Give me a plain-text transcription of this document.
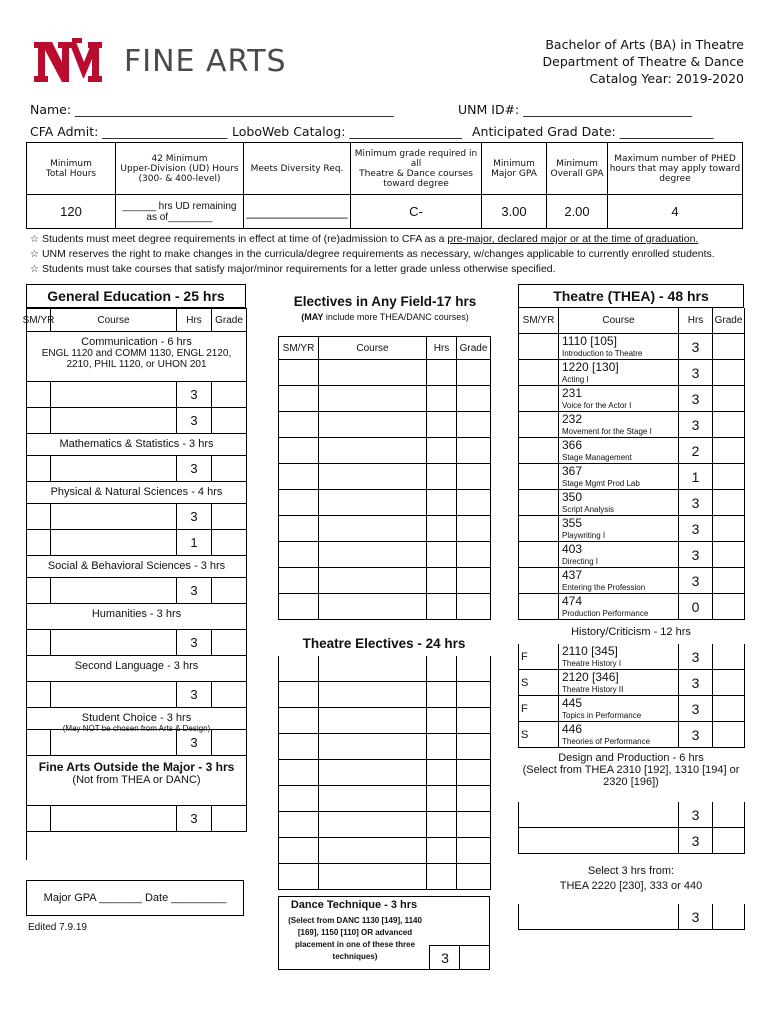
FINE ARTS	Bachelor of Arts (BA) in Theatre
Department of Theatre & Dance
Catalog Year: 2019-2020
Name: ___________________________________________________	UNM ID#: ___________________________
CFA Admit: ____________________ LoboWeb Catalog: __________________ Anticipated Grad Date: _______________
Minimum
Total Hours	42 Minimum
Upper-Division (UD) Hours
(300- & 400-level)	Meets Diversity Req.	Minimum grade required in all
Theatre & Dance courses
toward degree	Minimum
Major GPA	Minimum
Overall GPA	Maximum number of PHED
hours that may apply toward
degree
120	______ hrs UD remaining
as of________	______________	C-	3.00	2.00	4
☆ Students must meet degree requirements in effect at time of (re)admission to CFA as a pre-major, declared major or at the time of graduation.
☆ UNM reserves the right to make changes in the curricula/degree requirements as necessary, w/changes applicable to currently enrolled students.
☆ Students must take courses that satisfy major/minor requirements for a letter grade unless otherwise specified.
General Education - 25 hrs
SM/YR	Course	Hrs	Grade
Communication - 6 hrs
ENGL 1120 and COMM 1130, ENGL 2120, 2210, PHIL 1120, or UHON 201
3
3
Mathematics & Statistics - 3 hrs
3
Physical & Natural Sciences - 4 hrs
3
1
Social & Behavioral Sciences - 3 hrs
3
Humanities - 3 hrs
3
Second Language - 3 hrs
3
Student Choice - 3 hrs
(May NOT be chosen from Arts & Design)
3
Fine Arts Outside the Major - 3 hrs
(Not from THEA or DANC)
3
Electives in Any Field-17 hrs
(MAY include more THEA/DANC courses)
SM/YR	Course	Hrs	Grade
Theatre Electives - 24 hrs
Dance Technique - 3 hrs
(Select from DANC 1130 [149], 1140 [169], 1150 [110] OR advanced placement in one of these three techniques)	3
Theatre (THEA) - 48 hrs
SM/YR	Course	Hrs	Grade
1110 [105]
Introduction to Theatre	3
1220 [130]
Acting I	3
231
Voice for the Actor I	3
232
Movement for the Stage I	3
366
Stage Management	2
367
Stage Mgmt Prod Lab	1
350
Script Analysis	3
355
Playwriting I	3
403
Directing I	3
437
Entering the Profession	3
474
Production Performance	0
History/Criticism - 12 hrs
F	2110 [345]
Theatre History I	3
S	2120 [346]
Theatre History II	3
F	445
Topics in Performance	3
S	446
Theories of Performance	3
Design and Production - 6 hrs
(Select from THEA 2310 [192], 1310 [194] or 2320 [196])
3
3
Select 3 hrs from:
THEA 2220 [230], 333 or 440
3
Major GPA _______ Date _________
Edited 7.9.19
